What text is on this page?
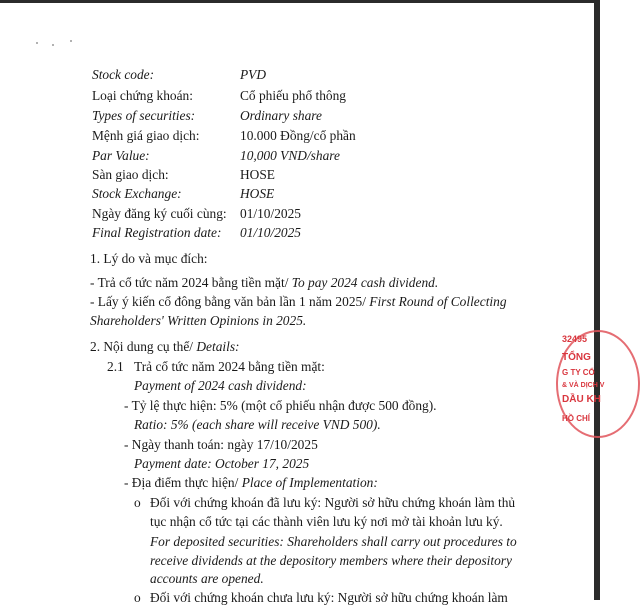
Stock code:	PVD
Loại chứng khoán:	Cổ phiếu phổ thông
Types of securities:	Ordinary share
Mệnh giá giao dịch:	10.000 Đồng/cổ phần
Par Value:	10,000 VND/share
Sàn giao dịch:	HOSE
Stock Exchange:	HOSE
Ngày đăng ký cuối cùng: 01/10/2025
Final Registration date: 01/10/2025
1. Lý do và mục đích:
- Trả cổ tức năm 2024 bằng tiền mặt/ To pay 2024 cash dividend.
- Lấy ý kiến cổ đông bằng văn bản lần 1 năm 2025/ First Round of Collecting
Shareholders' Written Opinions in 2025.
2. Nội dung cụ thể/ Details:
2.1 Trả cổ tức năm 2024 bằng tiền mặt:
Payment of 2024 cash dividend:
- Tỷ lệ thực hiện: 5% (một cổ phiếu nhận được 500 đồng).
Ratio: 5% (each share will receive VND 500).
- Ngày thanh toán: ngày 17/10/2025
Payment date: October 17, 2025
- Địa điểm thực hiện/ Place of Implementation:
o Đối với chứng khoán đã lưu ký: Người sở hữu chứng khoán làm thủ
tục nhận cổ tức tại các thành viên lưu ký nơi mở tài khoản lưu ký.
For deposited securities: Shareholders shall carry out procedures to
receive dividends at the depository members where their depository
accounts are opened.
o Đối với chứng khoán chưa lưu ký: Người sở hữu chứng khoán làm
32495
TỔNG
G TY CỔ
& VÀ DỊCH V
DẦU KH
HỒ CHÍ
